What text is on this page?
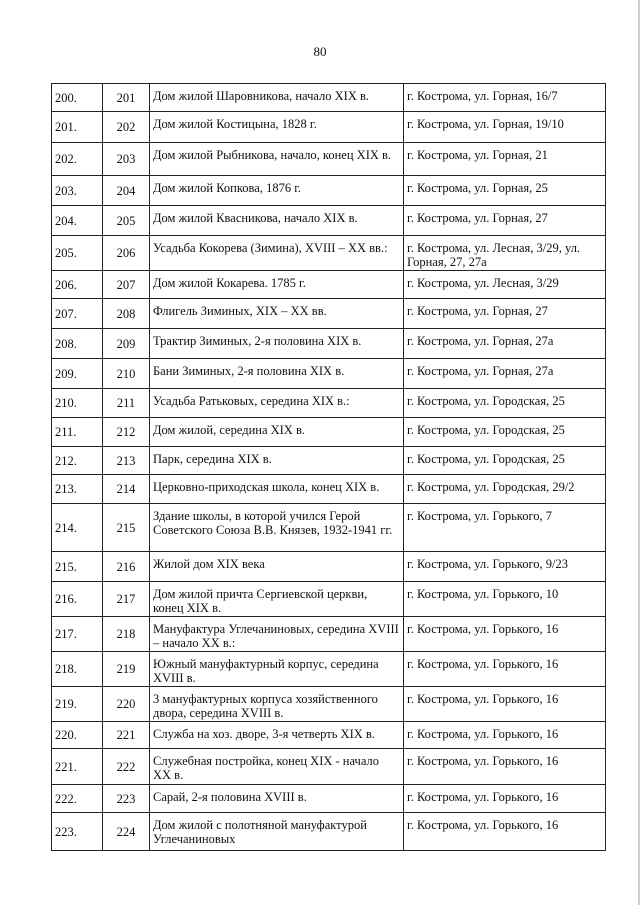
80
200.	201	Дом жилой Шаровникова, начало XIX в.	г. Кострома, ул. Горная, 16/7
201.	202	Дом жилой Костицына, 1828 г.	г. Кострома, ул. Горная, 19/10
202.	203	Дом жилой Рыбникова, начало, конец XIX в.	г. Кострома, ул. Горная, 21
203.	204	Дом жилой Копкова, 1876 г.	г. Кострома, ул. Горная, 25
204.	205	Дом жилой Квасникова, начало XIX в.	г. Кострома, ул. Горная, 27
205.	206	Усадьба Кокорева (Зимина), XVIII – XX вв.:	г. Кострома, ул. Лесная, 3/29, ул. Горная, 27, 27а
206.	207	Дом жилой Кокарева. 1785 г.	г. Кострома, ул. Лесная, 3/29
207.	208	Флигель Зиминых, XIX – XX вв.	г. Кострома, ул. Горная, 27
208.	209	Трактир Зиминых, 2-я половина XIX в.	г. Кострома, ул. Горная, 27а
209.	210	Бани Зиминых, 2-я половина XIX в.	г. Кострома, ул. Горная, 27а
210.	211	Усадьба Ратьковых, середина XIX в.:	г. Кострома, ул. Городская, 25
211.	212	Дом жилой, середина XIX в.	г. Кострома, ул. Городская, 25
212.	213	Парк, середина XIX в.	г. Кострома, ул. Городская, 25
213.	214	Церковно-приходская школа, конец XIX в.	г. Кострома, ул. Городская, 29/2
214.	215	Здание школы, в которой учился Герой Советского Союза В.В. Князев, 1932-1941 гг.	г. Кострома, ул. Горького, 7
215.	216	Жилой дом XIX века	г. Кострома, ул. Горького, 9/23
216.	217	Дом жилой причта Сергиевской церкви, конец XIX в.	г. Кострома, ул. Горького, 10
217.	218	Мануфактура Углечаниновых, середина XVIII – начало XX в.:	г. Кострома, ул. Горького, 16
218.	219	Южный мануфактурный корпус, середина XVIII в.	г. Кострома, ул. Горького, 16
219.	220	3 мануфактурных корпуса хозяйственного двора, середина XVIII в.	г. Кострома, ул. Горького, 16
220.	221	Служба на хоз. дворе, 3-я четверть XIX в.	г. Кострома, ул. Горького, 16
221.	222	Служебная постройка, конец XIX - начало XX в.	г. Кострома, ул. Горького, 16
222.	223	Сарай, 2-я половина XVIII в.	г. Кострома, ул. Горького, 16
223.	224	Дом жилой с полотняной мануфактурой Углечаниновых	г. Кострома, ул. Горького, 16
